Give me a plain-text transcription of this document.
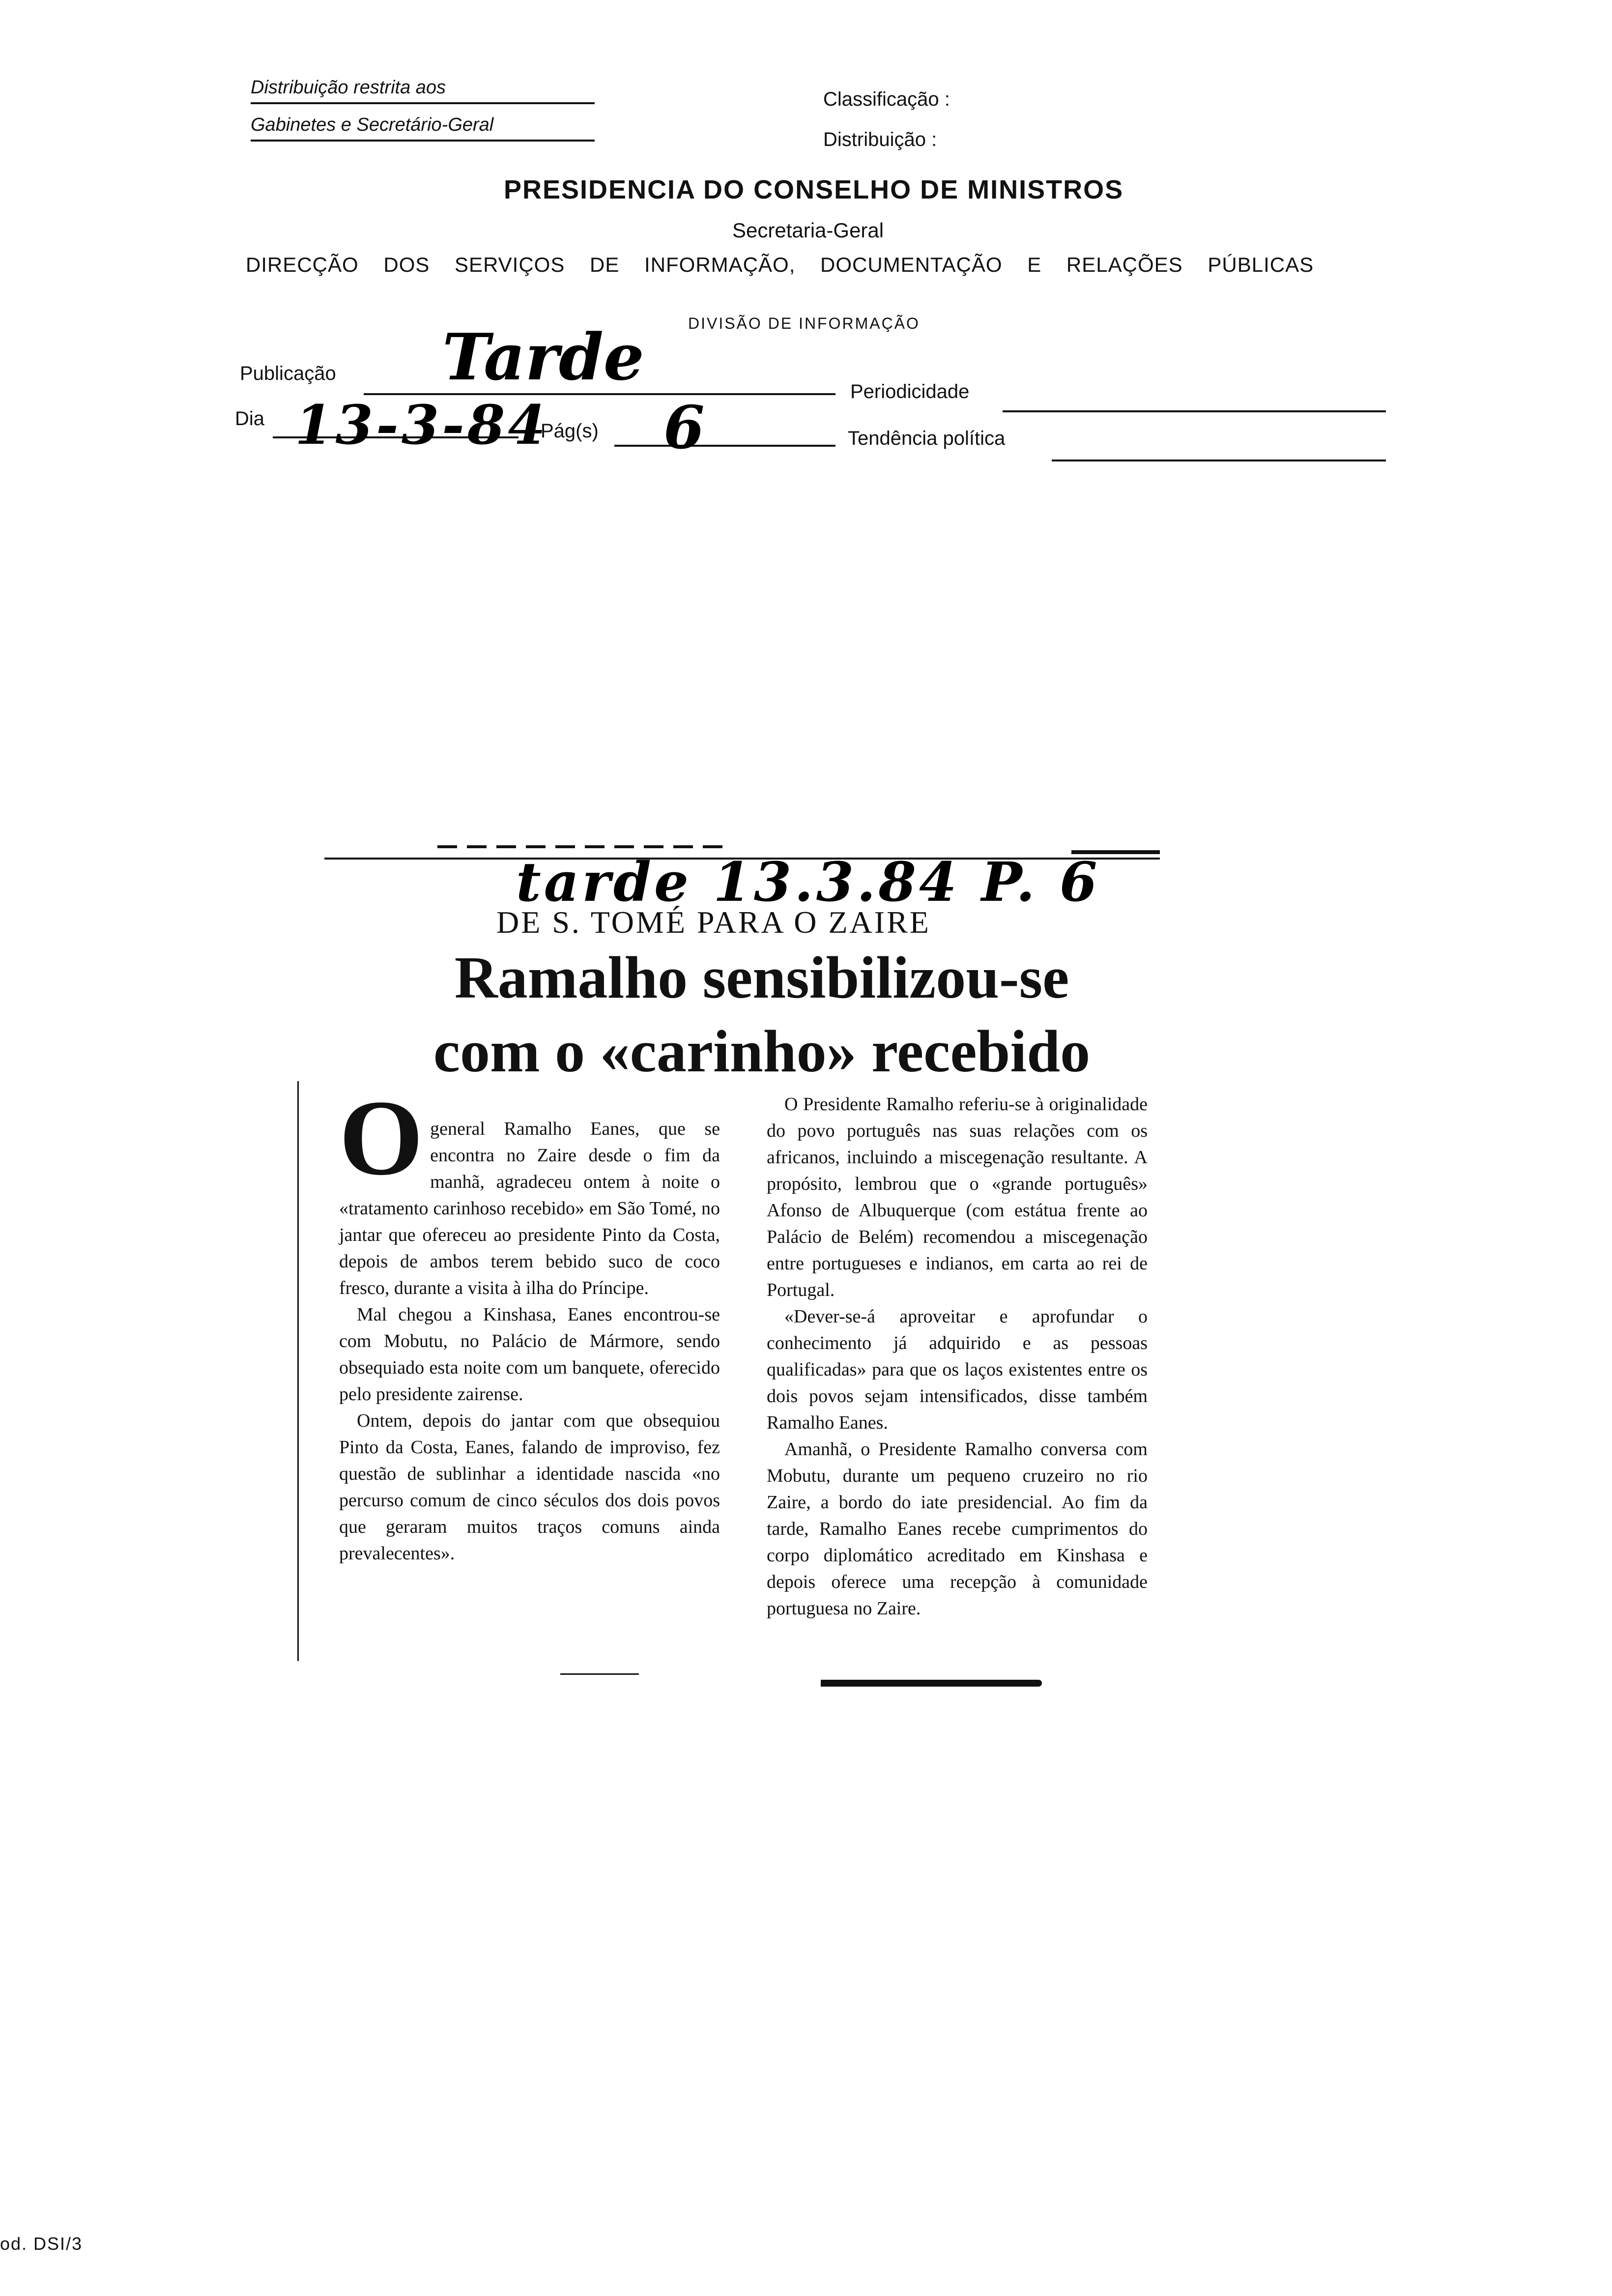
Distribuição restrita aos
Gabinetes e Secretário-Geral
Classificação :
Distribuição :
PRESIDENCIA DO CONSELHO DE MINISTROS
Secretaria-Geral
DIRECÇÃO DOS SERVIÇOS DE INFORMAÇÃO, DOCUMENTAÇÃO E RELAÇÕES PÚBLICAS
DIVISÃO DE INFORMAÇÃO
Publicação Tarde	Periodicidade
Dia 13-3-84
Pág(s) 6	Tendência política
tarde 13.3.84 P. 6
DE S. TOMÉ PARA O ZAIRE
Ramalho sensibilizou-se
com o «carinho» recebido
O general Ramalho Eanes, que se encontra no Zaire desde o fim da manhã, agradeceu ontem à noite o «tratamento carinhoso recebido» em São Tomé, no jantar que ofereceu ao presidente Pinto da Costa, depois de ambos terem bebido suco de coco fresco, durante a visita à ilha do Príncipe.

Mal chegou a Kinshasa, Eanes encontrou-se com Mobutu, no Palácio de Mármore, sendo obsequiado esta noite com um banquete, oferecido pelo presidente zairense.

Ontem, depois do jantar com que obsequiou Pinto da Costa, Eanes, falando de improviso, fez questão de sublinhar a identidade nascida «no percurso comum de cinco séculos dos dois povos que geraram muitos traços comuns ainda prevalecentes».

O Presidente Ramalho referiu-se à originalidade do povo português nas suas relações com os africanos, incluindo a miscegenação resultante. A propósito, lembrou que o «grande português» Afonso de Albuquerque (com estátua frente ao Palácio de Belém) recomendou a miscegenação entre portugueses e indianos, em carta ao rei de Portugal.

«Dever-se-á aproveitar e aprofundar o conhecimento já adquirido e as pessoas qualificadas» para que os laços existentes entre os dois povos sejam intensificados, disse também Ramalho Eanes.

Amanhã, o Presidente Ramalho conversa com Mobutu, durante um pequeno cruzeiro no rio Zaire, a bordo do iate presidencial. Ao fim da tarde, Ramalho Eanes recebe cumprimentos do corpo diplomático acreditado em Kinshasa e depois oferece uma recepção à comunidade portuguesa no Zaire.

od. DSI/3
